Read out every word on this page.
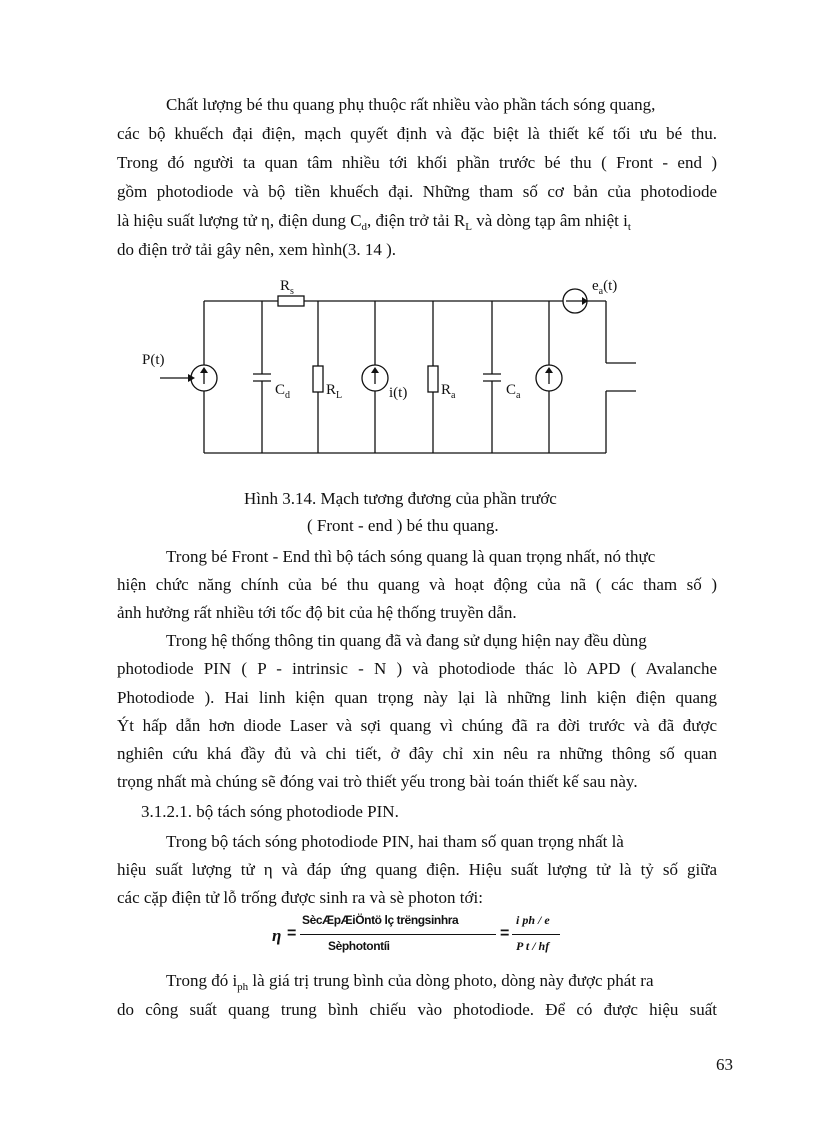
Chất lượng bé thu quang phụ thuộc rất nhiều vào phần tách sóng quang,
các bộ khuếch đại điện, mạch quyết định và đặc biệt là thiết kế tối ưu bé thu.
Trong đó người ta quan tâm nhiều tới khối phần trước bé thu ( Front - end )
gồm photodiode và bộ tiền khuếch đại. Những tham số cơ bản của photodiode
là hiệu suất lượng tử η, điện dung $C_d$, điện trở tải $R_L$ và dòng tạp âm nhiệt $i_t$
do điện trở tải gây nên, xem hình(3. 14 ).
P(t)
$R_s$	$e_a(t)$
$C_d$ $R_L$	i(t) $R_a$	$C_a$
Hình 3.14. Mạch tương đương của phần trước
( Front - end ) bé thu quang.
Trong bé Front - End thì bộ tách sóng quang là quan trọng nhất, nó thực
hiện chức năng chính của bé thu quang và hoạt động của nã ( các tham số )
ảnh hưởng rất nhiều tới tốc độ bit của hệ thống truyền dẫn.
Trong hệ thống thông tin quang đã và đang sử dụng hiện nay đều dùng
photodiode PIN ( P - intrinsic - N ) và photodiode thác lò APD ( Avalanche
Photodiode ). Hai linh kiện quan trọng này lại là những linh kiện điện quang
Ýt hấp dẫn hơn diode Laser và sợi quang vì chúng đã ra đời trước và đã được
nghiên cứu khá đầy đủ và chi tiết, ở đây chỉ xin nêu ra những thông số quan
trọng nhất mà chúng sẽ đóng vai trò thiết yếu trong bài toán thiết kế sau này.
3.1.2.1. bộ tách sóng photodiode PIN.
Trong bộ tách sóng photodiode PIN, hai tham số quan trọng nhất là
hiệu suất lượng tử η và đáp ứng quang điện. Hiệu suất lượng tử là tỷ số giữa
các cặp điện tử lỗ trống được sinh ra và sè photon tới:
η =
SècÆpÆiÖntö lç trëngsinhra
Sèphotontíi
=
i ph / e
P t / hf
Trong đó $i_{ph}$ là giá trị trung bình của dòng photo, dòng này được phát ra
do công suất quang trung bình chiếu vào photodiode. Để có được hiệu suất
63
